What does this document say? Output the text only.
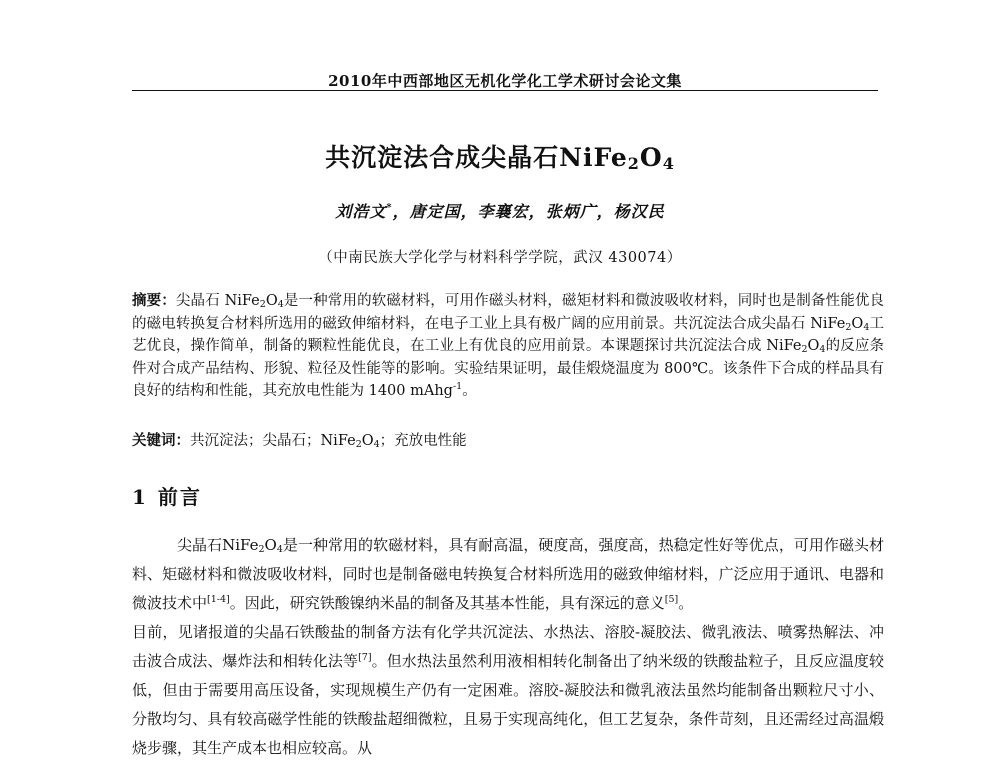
2010年中西部地区无机化学化工学术研讨会论文集
共沉淀法合成尖晶石$NiFe_2O_4$
刘浩文*，唐定国，李襄宏，张炳广，杨汉民
（中南民族大学化学与材料科学学院，武汉 430074）
摘要：尖晶石 $NiFe_2O_4$是一种常用的软磁材料，可用作磁头材料，磁矩材料和微波吸收材料，同时也是制备性能优良的磁电转换复合材料所选用的磁致伸缩材料，在电子工业上具有极广阔的应用前景。共沉淀法合成尖晶石 $NiFe_2O_4$工艺优良，操作简单，制备的颗粒性能优良，在工业上有优良的应用前景。本课题探讨共沉淀法合成 $NiFe_2O_4$的反应条件对合成产品结构、形貌、粒径及性能等的影响。实验结果证明，最佳煅烧温度为 800℃。该条件下合成的样品具有良好的结构和性能，其充放电性能为 1400 mAhg$^{-1}$。
关键词：共沉淀法；尖晶石；$NiFe_2O_4$；充放电性能
1 前言

尖晶石$NiFe_2O_4$是一种常用的软磁材料，具有耐高温，硬度高，强度高，热稳定性好等优点，可用作磁头材料、矩磁材料和微波吸收材料，同时也是制备磁电转换复合材料所选用的磁致伸缩材料，广泛应用于通讯、电器和微波技术中[1-4]。因此，研究铁酸镍纳米晶的制备及其基本性能，具有深远的意义[5]。

目前，见诸报道的尖晶石铁酸盐的制备方法有化学共沉淀法、水热法、溶胶-凝胶法、微乳液法、喷雾热解法、冲击波合成法、爆炸法和相转化法等[7]。但水热法虽然利用液相相转化制备出了纳米级的铁酸盐粒子，且反应温度较低，但由于需要用高压设备，实现规模生产仍有一定困难。溶胶-凝胶法和微乳液法虽然均能制备出颗粒尺寸小、分散均匀、具有较高磁学性能的铁酸盐超细微粒，且易于实现高纯化，但工艺复杂，条件苛刻，且还需经过高温煅烧步骤，其生产成本也相应较高。从
